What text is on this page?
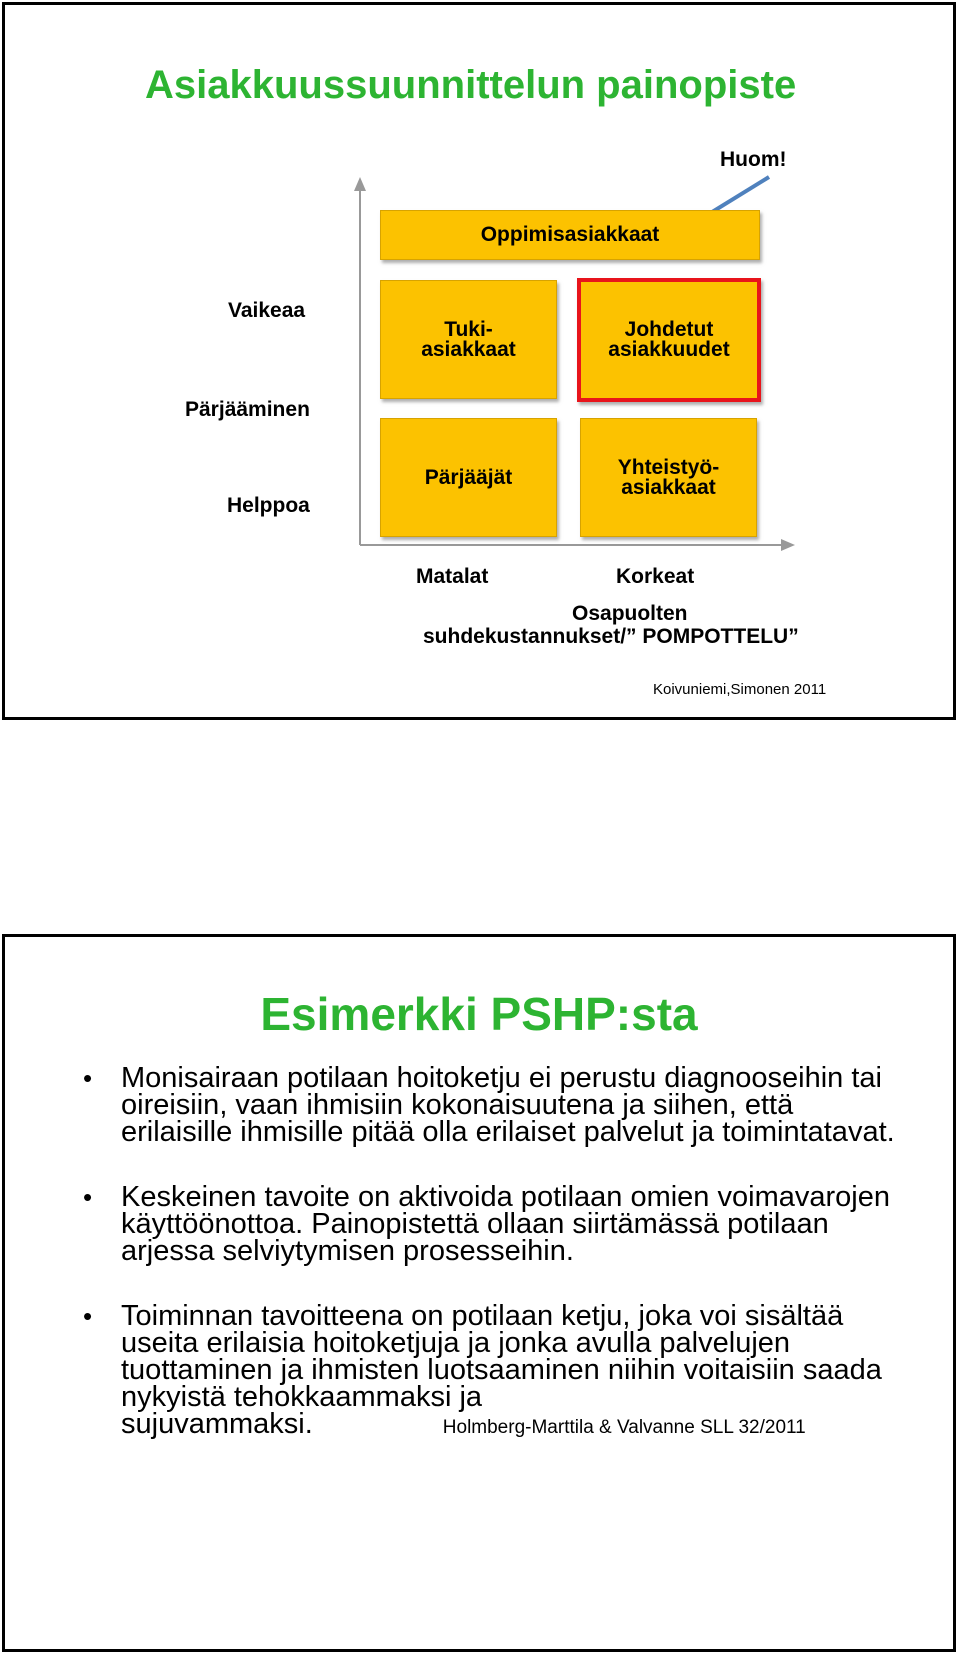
Asiakkuussuunnittelun painopiste
Huom!
Oppimisasiakkaat
Tuki-
asiakkaat
Johdetut
asiakkuudet
Pärjääjät	Yhteistyö-
asiakkaat
Vaikeaa
Pärjääminen
Helppoa
Matalat	Korkeat
Osapuolten
suhdekustannukset/” POMPOTTELU”
Koivuniemi,Simonen 2011
Esimerkki PSHP:sta
• Monisairaan potilaan hoitoketju ei perustu diagnooseihin tai oireisiin, vaan ihmisiin kokonaisuutena ja siihen, että erilaisille ihmisille pitää olla erilaiset palvelut ja toimintatavat.
• Keskeinen tavoite on aktivoida potilaan omien voimavarojen käyttöönottoa. Painopistettä ollaan siirtämässä potilaan arjessa selviytymisen prosesseihin.
• Toiminnan tavoitteena on potilaan ketju, joka voi sisältää useita erilaisia hoitoketjuja ja jonka avulla palvelujen tuottaminen ja ihmisten luotsaaminen niihin voitaisiin saada nykyistä tehokkaammaksi ja sujuvammaksi.	Holmberg-Marttila & Valvanne SLL 32/2011
